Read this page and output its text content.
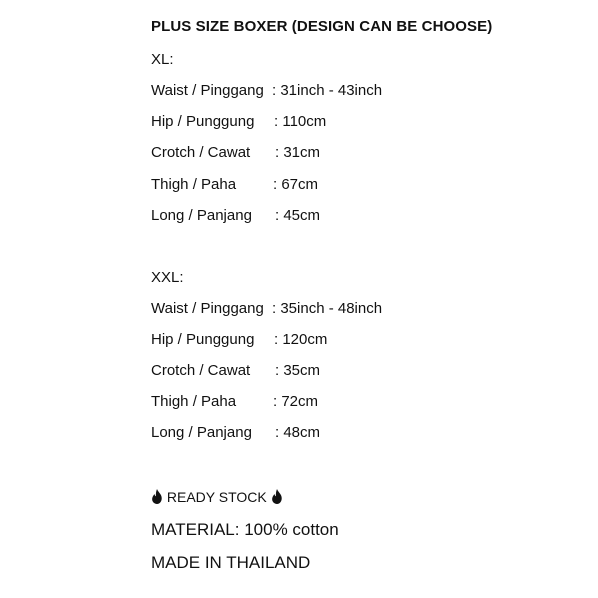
PLUS SIZE BOXER (DESIGN CAN BE CHOOSE)
XL:
Waist / Pinggang : 31inch - 43inch
Hip / Punggung : 110cm
Crotch / Cawat : 31cm
Thigh / Paha : 67cm
Long / Panjang : 45cm
XXL:
Waist / Pinggang : 35inch - 48inch
Hip / Punggung : 120cm
Crotch / Cawat : 35cm
Thigh / Paha : 72cm
Long / Panjang : 48cm
READY STOCK
MATERIAL: 100% cotton
MADE IN THAILAND
